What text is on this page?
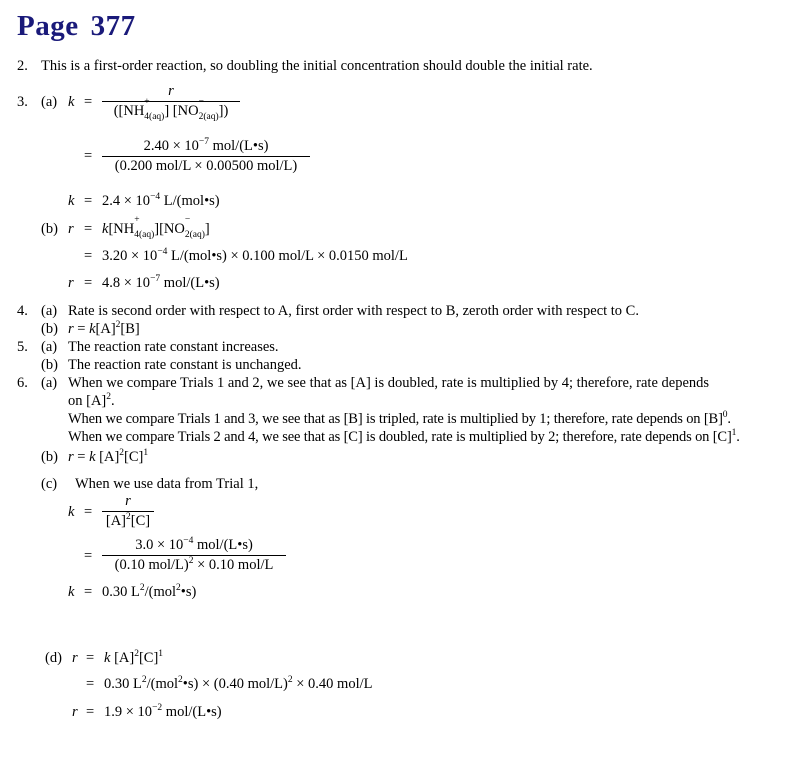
Page 377
2. This is a first-order reaction, so doubling the initial concentration should double the initial rate.
3. (a) k =
r
([NH
+
$_{4(aq)}$] [NO
−
$_{2(aq)}$])
=
$2.40 \times 10^{-7}$ mol/(L•s)
(0.200 mol/L × 0.00500 mol/L)
$k = 2.4 \times 10^{-4}$ L/(mol•s)
(b) r = k[NH
+
$_{4(aq)}$][NO
−
$_{2(aq)}$]
= $3.20 \times 10^{-4}$ L/(mol•s) × 0.100 mol/L × 0.0150 mol/L
$r = 4.8 \times 10^{-7}$ mol/(L•s)
4. (a) Rate is second order with respect to A, first order with respect to B, zeroth order with respect to C.
(b) $r = k[A]^2[B]$
5. (a) The reaction rate constant increases.
(b) The reaction rate constant is unchanged.
6. (a) When we compare Trials 1 and 2, we see that as [A] is doubled, rate is multiplied by 4; therefore, rate depends
on $[A]^2$.
When we compare Trials 1 and 3, we see that as [B] is tripled, rate is multiplied by 1; therefore, rate depends on $[B]^0$.
When we compare Trials 2 and 4, we see that as [C] is doubled, rate is multiplied by 2; therefore, rate depends on $[C]^1$.
(b) r = k $[A]^2[C]^1$
(c) When we use data from Trial 1,
k =
r
$[A]^2[C]$
=
$3.0 \times 10^{-4}$ mol/(L•s)
(0.10 mol/L)$^2$ × 0.10 mol/L
k = 0.30 $L^2/(mol^2•s)$
(d) r = k $[A]^2[C]^1$
= 0.30 $L^2/(mol^2•s) \times (0.40$ mol/L)$^2$ × 0.40 mol/L
$r = 1.9 \times 10^{-2}$ mol/(L•s)
